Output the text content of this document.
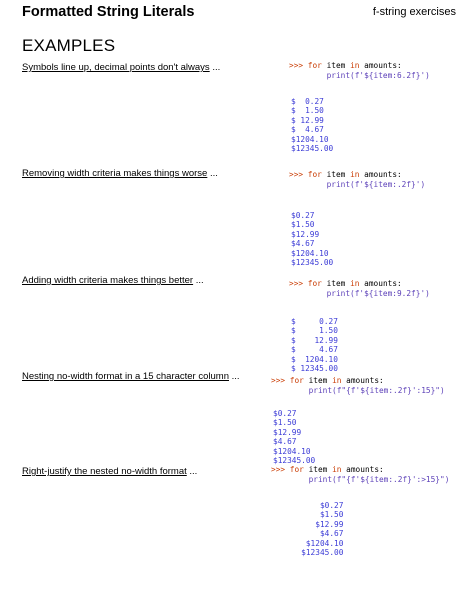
Formatted String Literals	f-string exercises
EXAMPLES
Symbols line up, decimal points don't always ...	>>> for item in amounts:
print(f'${item:6.2f}')
$  0.27
$  1.50
$ 12.99
$  4.67
$1204.10
$12345.00
Removing width criteria makes things worse ...	>>> for item in amounts:
print(f'${item:.2f}')
$0.27
$1.50
$12.99
$4.67
$1204.10
$12345.00
Adding width criteria makes things better ...	>>> for item in amounts:
print(f'${item:9.2f}')
$     0.27
$     1.50
$    12.99
$     4.67
$  1204.10
$ 12345.00
Nesting no-width format in a 15 character column ...	>>> for item in amounts:
print(f"{f'${item:.2f}':15}")
$0.27
$1.50
$12.99
$4.67
$1204.10
$12345.00
Right-justify the nested no-width format ...	>>> for item in amounts:
print(f"{f'${item:.2f}':>15}")
$0.27
$1.50
$12.99
$4.67
$1204.10
$12345.00
